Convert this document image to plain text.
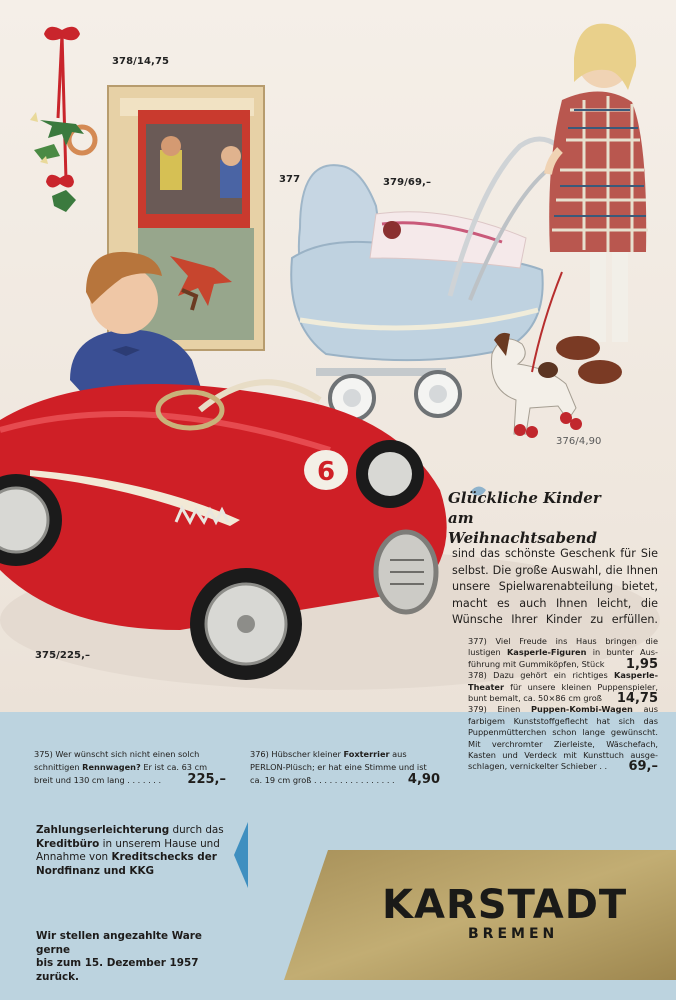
6
378/14,75
377	379/69,–
376/4,90
375/225,–
Glückliche Kinder
am
Weihnachtsabend
sind das schönste Geschenk für Sie
selbst. Die große Auswahl, die Ihnen
unsere Spielwarenabteilung bietet,
macht es auch Ihnen leicht, die
Wünsche Ihrer Kinder zu erfüllen.
377) Viel Freude ins Haus bringen die
lustigen Kasperle-Figuren in bunter Aus-
führung mit Gummiköpfen, Stück 1,95
378) Dazu gehört ein richtiges Kasperle-
Theater für unsere kleinen Puppenspieler,
bunt bemalt, ca. 50×86 cm groß 14,75
379) Einen Puppen-Kombi-Wagen aus
farbigem Kunststoffgeflecht hat sich das
Puppenmütterchen schon lange gewünscht.
Mit verchromter Zierleiste, Wäschefach,
Kasten und Verdeck mit Kunsttuch ausge-
schlagen, vernickelter Schieber . . 69,–
375) Wer wünscht sich nicht einen solch
schnittigen Rennwagen? Er ist ca. 63 cm
breit und 130 cm lang . . . . . . . 225,–
376) Hübscher kleiner Foxterrier aus
PERLON-Plüsch; er hat eine Stimme und ist
ca. 19 cm groß . . . . . . . . . . . . . . . . 4,90
Zahlungserleichterung durch das
Kreditbüro in unserem Hause und
Annahme von Kreditschecks der
Nordfinanz und KKG
Wir stellen angezahlte Ware gerne
bis zum 15. Dezember 1957 zurück.
KARSTADT
BREMEN
